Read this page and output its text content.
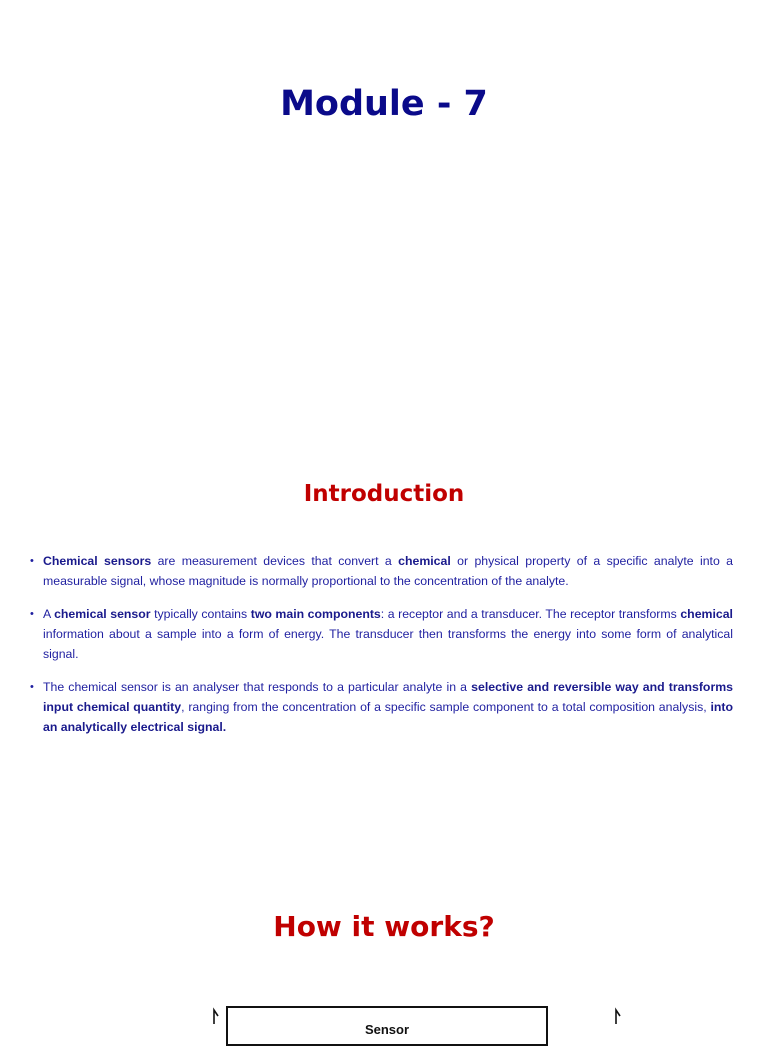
Module - 7
Introduction
• Chemical sensors are measurement devices that convert a chemical or physical property of a specific analyte into a measurable signal, whose magnitude is normally proportional to the concentration of the analyte.
• A chemical sensor typically contains two main components: a receptor and a transducer. The receptor transforms chemical information about a sample into a form of energy. The transducer then transforms the energy into some form of analytical signal.
• The chemical sensor is an analyser that responds to a particular analyte in a selective and reversible way and transforms input chemical quantity, ranging from the concentration of a specific sample component to a total composition analysis, into an analytically electrical signal.
How it works?
Sensor
